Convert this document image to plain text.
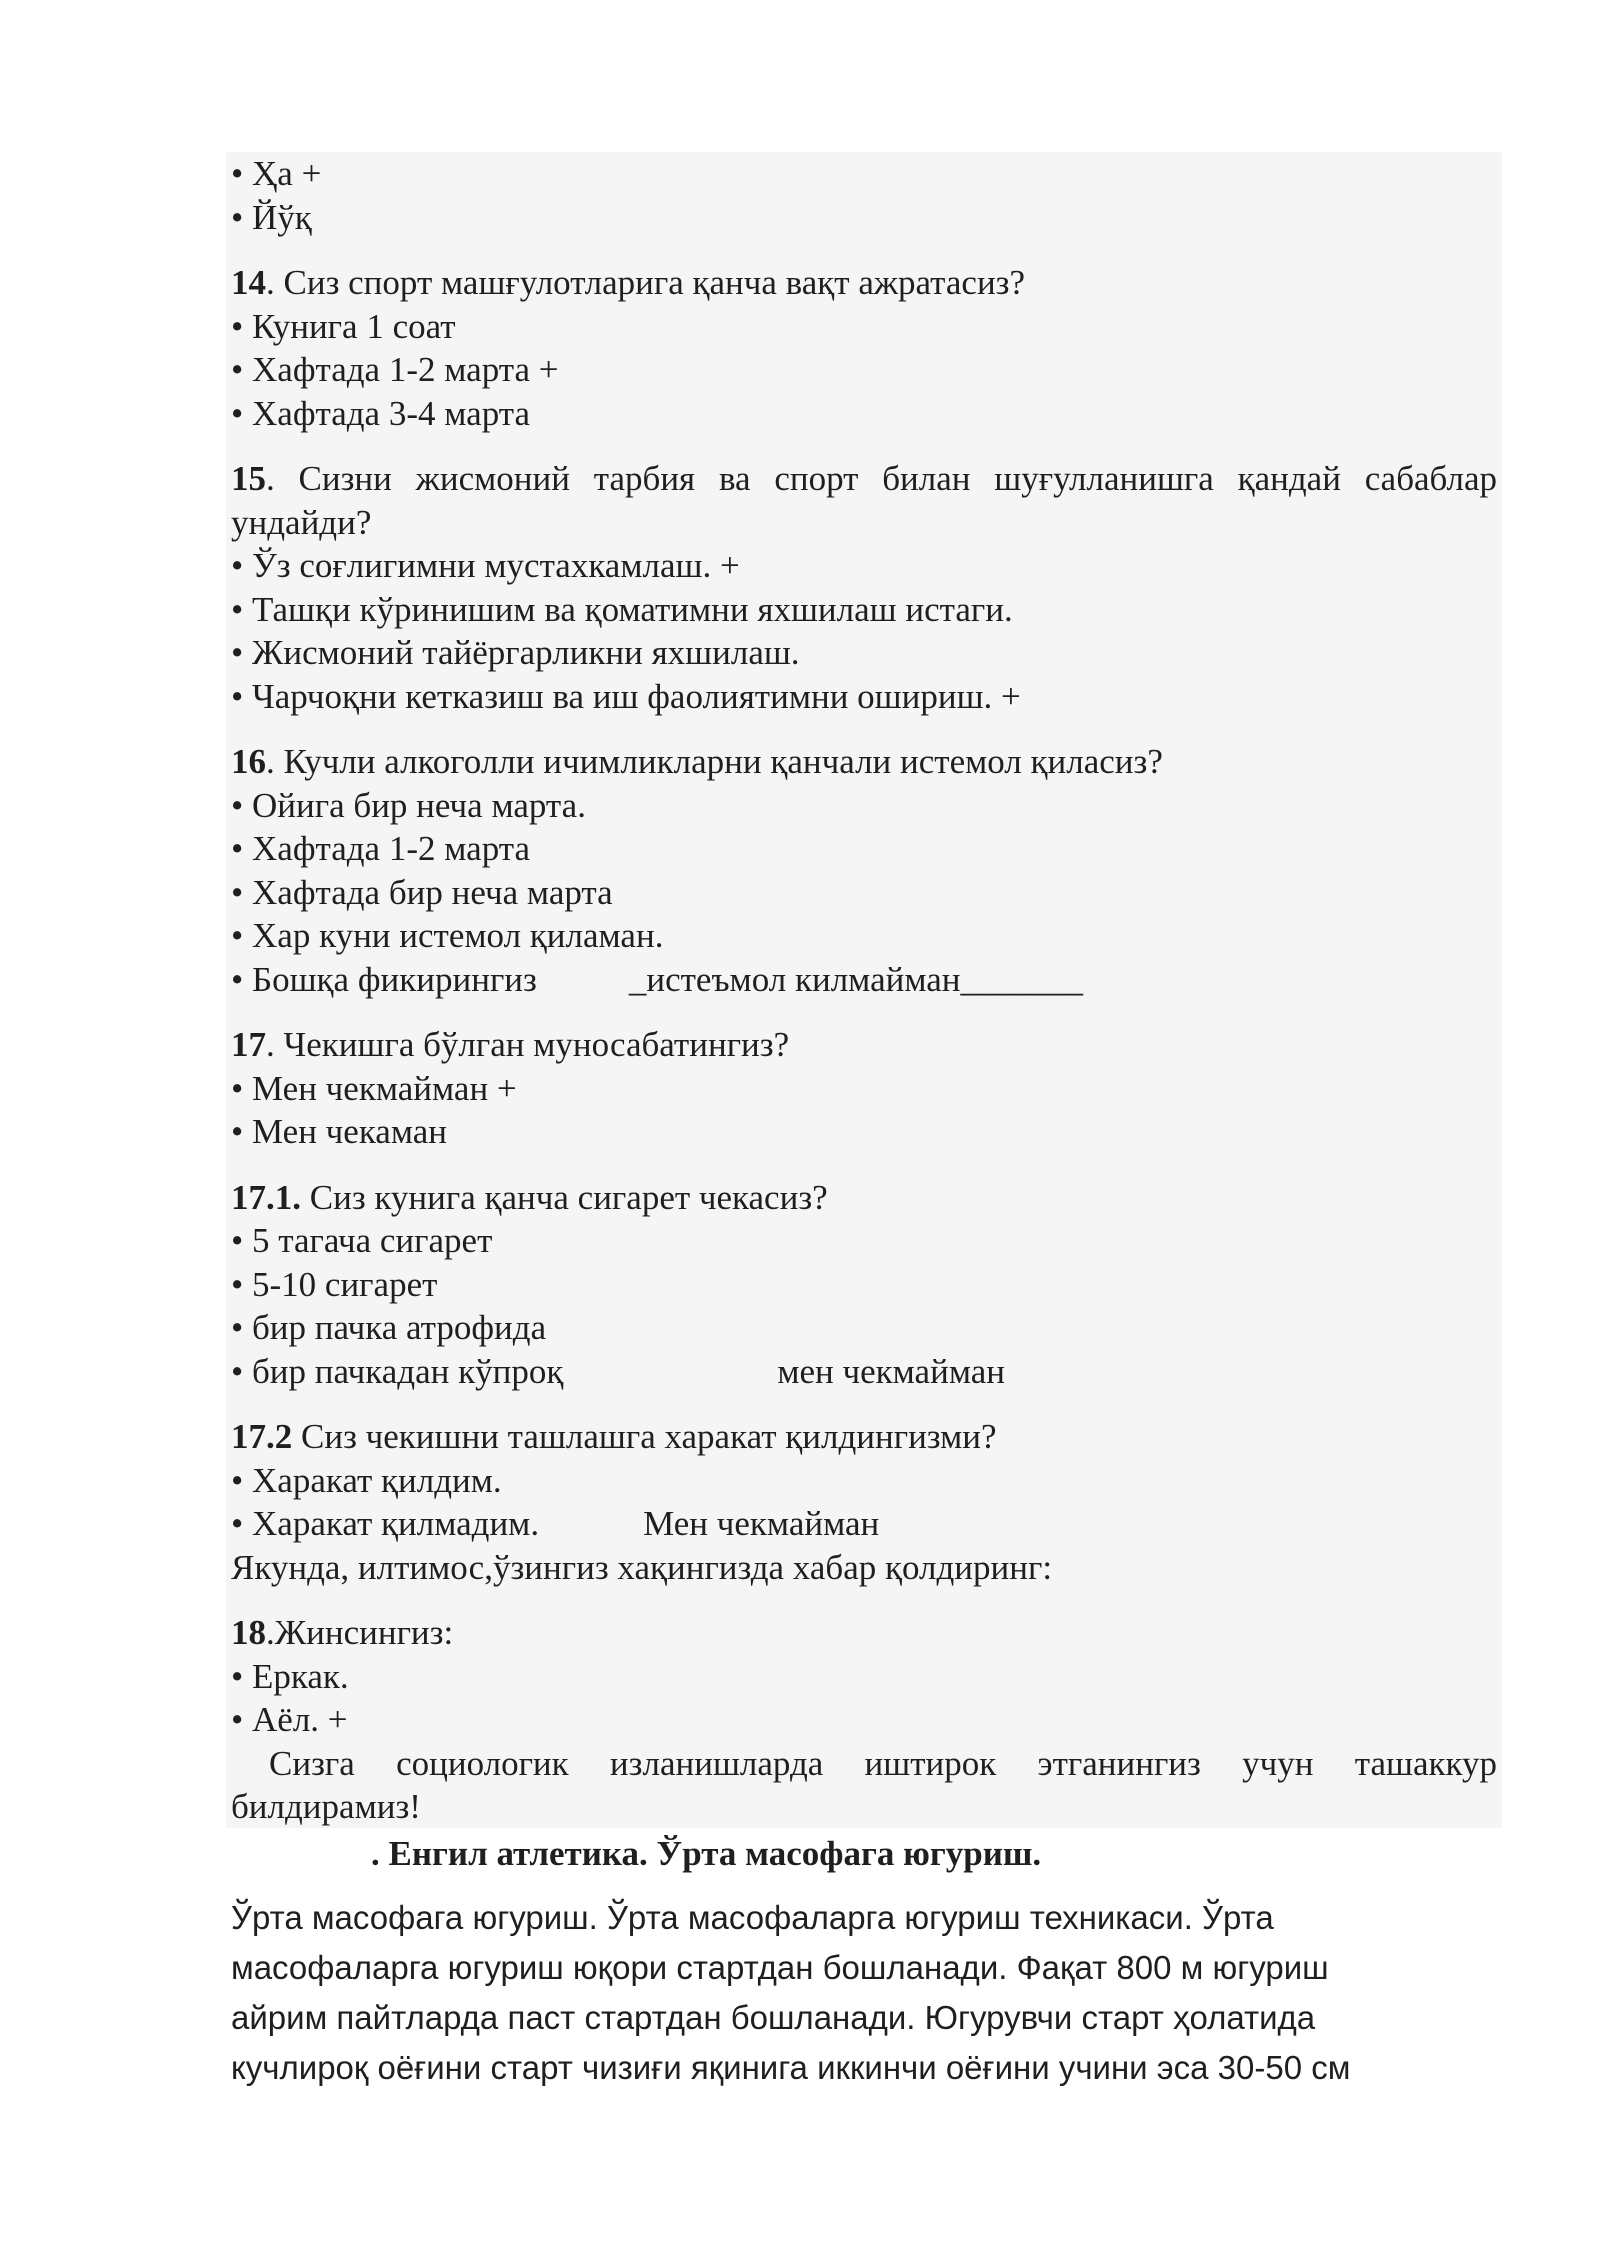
• Ҳа +
• Йўқ
14. Сиз спорт машғулотларига қанча вақт ажратасиз?
• Кунига 1 соат
• Хафтада 1-2 марта +
• Хафтада 3-4 марта
15. Сизни жисмоний тарбия ва спорт билан шуғулланишга қандай сабаблар ундайди?
• Ўз соғлигимни мустахкамлаш. +
• Ташқи кўринишим ва қоматимни яхшилаш истаги.
• Жисмоний тайёргарликни яхшилаш.
• Чарчоқни кетказиш ва иш фаолиятимни ошириш. +
16. Кучли алкоголли ичимликларни қанчали истемол қиласиз?
• Ойига бир неча марта.
• Хафтада 1-2 марта
• Хафтада бир неча марта
• Хар куни истемол қиламан.
• Бошқа фикирингиз	_истеъмол килмайман_______
17. Чекишга бўлган муносабатингиз?
• Мен чекмайман +
• Мен чекаман
17.1. Сиз кунига қанча сигарет чекасиз?
• 5 тагача сигарет
• 5-10 сигарет
• бир пачка атрофида
• бир пачкадан кўпроқ	мен чекмайман
17.2 Сиз чекишни ташлашга харакат қилдингизми?
• Харакат қилдим.
• Харакат қилмадим.	Мен чекмайман
Якунда, илтимос,ўзингиз хақингизда хабар қолдиринг:
18.Жинсингиз:
• Еркак.
• Аёл. +
Сизга социологик изланишларда иштирок этганингиз учун ташаккур билдирамиз!
. Енгил атлетика. Ўрта масофага югуриш.
Ўрта масофага югуриш. Ўрта масофаларга югуриш техникаси. Ўрта
масофаларга югуриш юқори стартдан бошланади. Фақат 800 м югуриш
айрим пайтларда паст стартдан бошланади. Югурувчи старт ҳолатида
кучлироқ оёғини старт чизиғи яқинига иккинчи оёғини учини эса 30-50 см
